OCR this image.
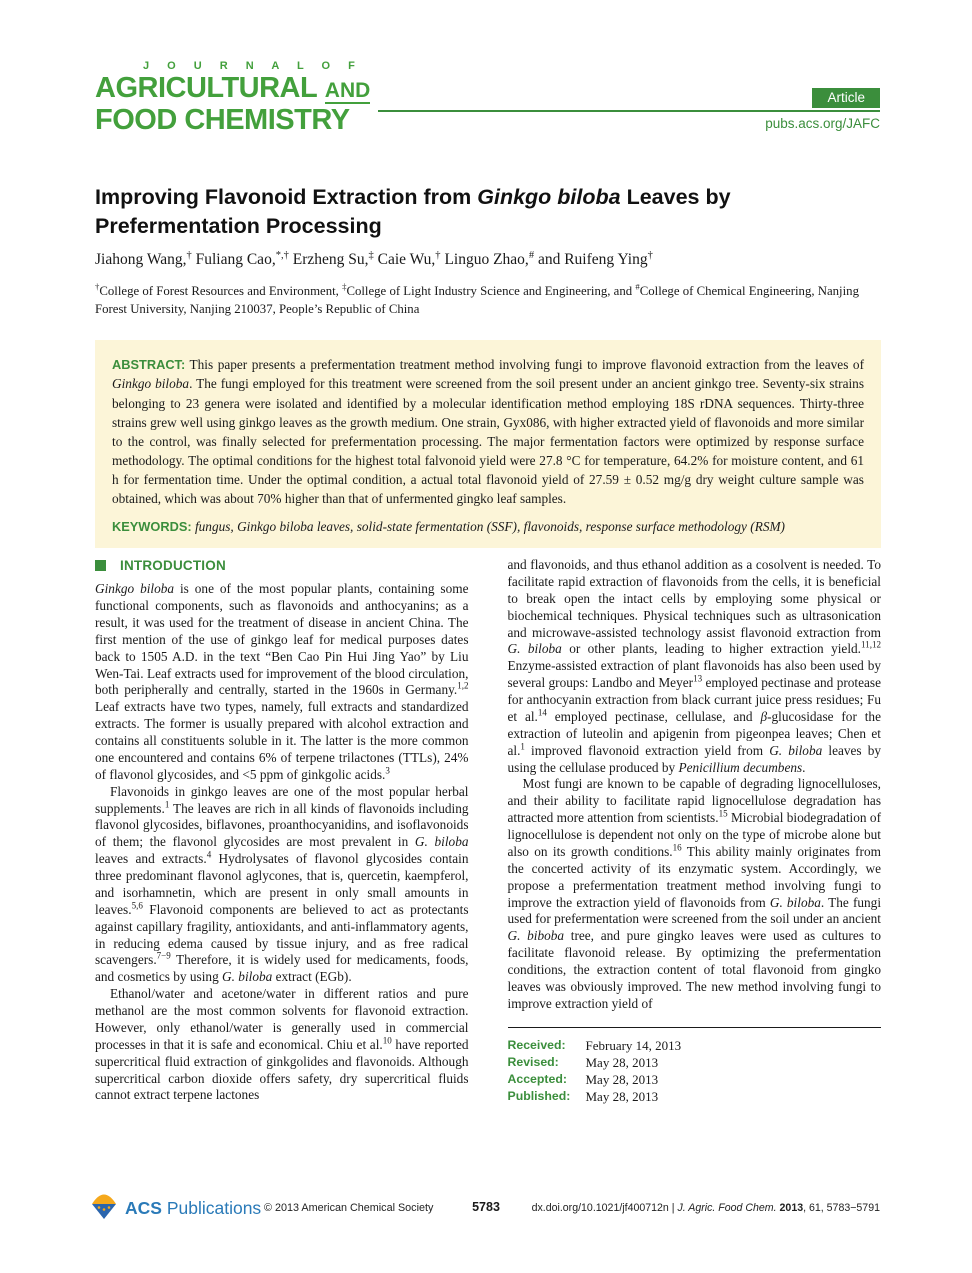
J O U R N A L O F
AGRICULTURAL AND
FOOD CHEMISTRY
Article
pubs.acs.org/JAFC
Improving Flavonoid Extraction from Ginkgo biloba Leaves by Prefermentation Processing
Jiahong Wang,† Fuliang Cao,*,† Erzheng Su,‡ Caie Wu,† Linguo Zhao,# and Ruifeng Ying†
†College of Forest Resources and Environment, ‡College of Light Industry Science and Engineering, and #College of Chemical Engineering, Nanjing Forest University, Nanjing 210037, People’s Republic of China

ABSTRACT: This paper presents a prefermentation treatment method involving fungi to improve flavonoid extraction from the leaves of Ginkgo biloba. The fungi employed for this treatment were screened from the soil present under an ancient ginkgo tree. Seventy-six strains belonging to 23 genera were isolated and identified by a molecular identification method employing 18S rDNA sequences. Thirty-three strains grew well using ginkgo leaves as the growth medium. One strain, Gyx086, with higher extracted yield of flavonoids and more similar to the control, was finally selected for prefermentation processing. The major fermentation factors were optimized by response surface methodology. The optimal conditions for the highest total falvonoid yield were 27.8 °C for temperature, 64.2% for moisture content, and 61 h for fermentation time. Under the optimal condition, a actual total flavonoid yield of 27.59 ± 0.52 mg/g dry weight culture sample was obtained, which was about 70% higher than that of unfermented gingko leaf samples.

KEYWORDS: fungus, Ginkgo biloba leaves, solid-state fermentation (SSF), flavonoids, response surface methodology (RSM)

INTRODUCTION

Ginkgo biloba is one of the most popular plants, containing some functional components, such as flavonoids and anthocyanins; as a result, it was used for the treatment of disease in ancient China. The first mention of the use of ginkgo leaf for medical purposes dates back to 1505 A.D. in the text “Ben Cao Pin Hui Jing Yao” by Liu Wen-Tai. Leaf extracts used for improvement of the blood circulation, both peripherally and centrally, started in the 1960s in Germany.$^{1,2}$ Leaf extracts have two types, namely, full extracts and standardized extracts. The former is usually prepared with alcohol extraction and contains all constituents soluble in it. The latter is the more common one encountered and contains 6% of terpene trilactones (TTLs), 24% of flavonol glycosides, and <5 ppm of ginkgolic acids.$^3$

Flavonoids in ginkgo leaves are one of the most popular herbal supplements.$^1$ The leaves are rich in all kinds of flavonoids including flavonol glycosides, biflavones, proanthocyanidins, and isoflavonoids of them; the flavonol glycosides are most prevalent in G. biloba leaves and extracts.$^4$ Hydrolysates of flavonol glycosides contain three predominant flavonol aglycones, that is, quercetin, kaempferol, and isorhamnetin, which are present in only small amounts in leaves.$^{5,6}$ Flavonoid components are believed to act as protectants against capillary fragility, antioxidants, and anti-inflammatory agents, in reducing edema caused by tissue injury, and as free radical scavengers.$^{7-9}$ Therefore, it is widely used for medicaments, foods, and cosmetics by using G. biloba extract (EGb).

Ethanol/water and acetone/water in different ratios and pure methanol are the most common solvents for flavonoid extraction. However, only ethanol/water is generally used in commercial processes in that it is safe and economical. Chiu et al.$^{10}$ have reported supercritical fluid extraction of ginkgolides and flavonoids. Although supercritical carbon dioxide offers safety, dry supercritical fluids cannot extract terpene lactones

and flavonoids, and thus ethanol addition as a cosolvent is needed. To facilitate rapid extraction of flavonoids from the cells, it is beneficial to break open the intact cells by employing some physical or biochemical techniques. Physical techniques such as ultrasonication and microwave-assisted technology assist flavonoid extraction from G. biloba or other plants, leading to higher extraction yield.$^{11,12}$ Enzyme-assisted extraction of plant flavonoids has also been used by several groups: Landbo and Meyer$^{13}$ employed pectinase and protease for anthocyanin extraction from black currant juice press residues; Fu et al.$^{14}$ employed pectinase, cellulase, and β-glucosidase for the extraction of luteolin and apigenin from pigeonpea leaves; Chen et al.$^1$ improved flavonoid extraction yield from G. biloba leaves by using the cellulase produced by Penicillium decumbens.

Most fungi are known to be capable of degrading lignocelluloses, and their ability to facilitate rapid lignocellulose degradation has attracted more attention from scientists.$^{15}$ Microbial biodegradation of lignocellulose is dependent not only on the type of microbe alone but also on its growth conditions.$^{16}$ This ability mainly originates from the concerted activity of its enzymatic system. Accordingly, we propose a prefermentation treatment method involving fungi to improve the extraction yield of flavonoids from G. biloba. The fungi used for prefermentation were screened from the soil under an ancient G. biboba tree, and pure gingko leaves were used as cultures to facilitate flavonoid release. By optimizing the prefermentation conditions, the extraction content of total flavonoid from gingko leaves was obviously improved. The new method involving fungi to improve extraction yield of

Received:	February 14, 2013
Revised:	May 28, 2013
Accepted:	May 28, 2013
Published:	May 28, 2013
ACS Publications © 2013 American Chemical Society	5783	dx.doi.org/10.1021/jf400712n | J. Agric. Food Chem. 2013, 61, 5783−5791
